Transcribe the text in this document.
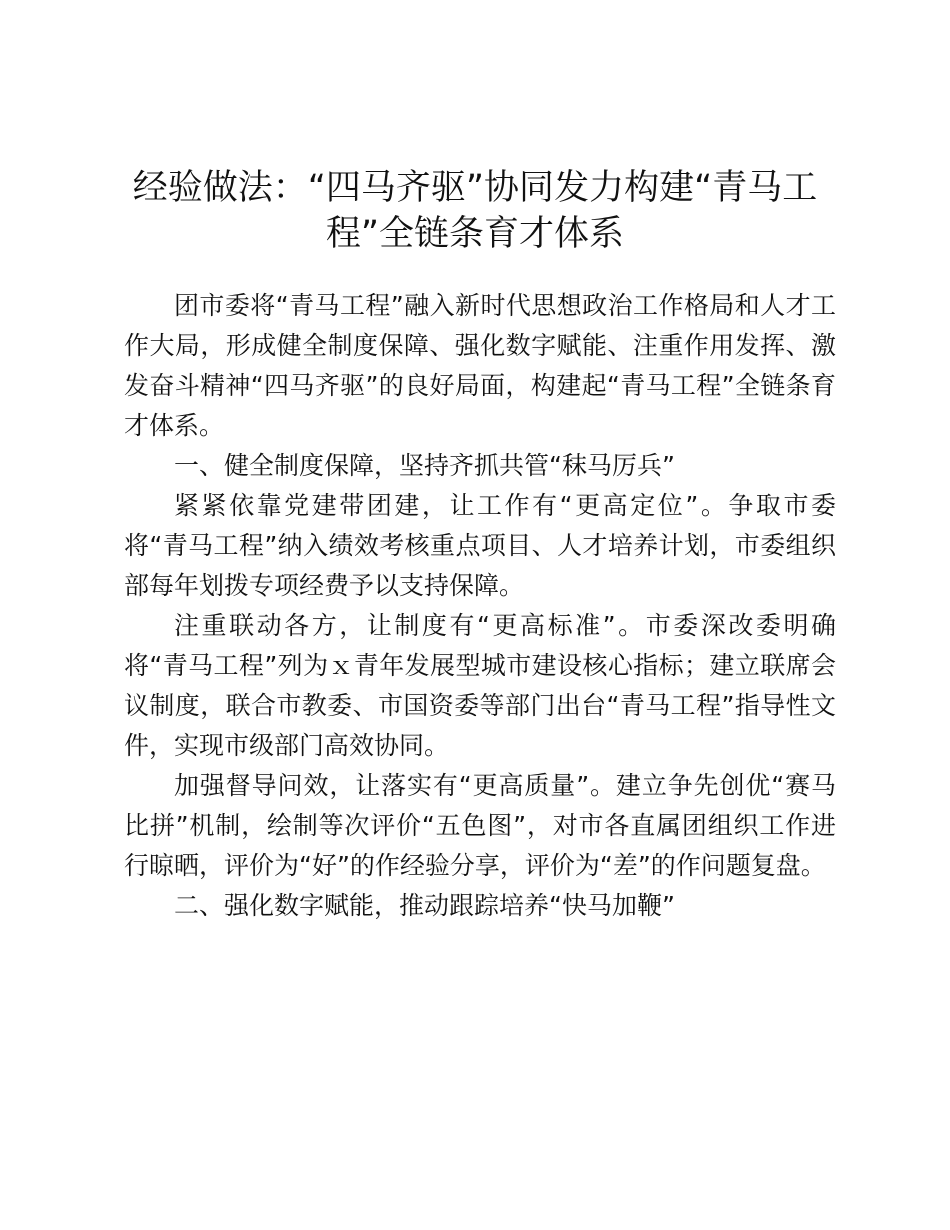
经验做法：“四马齐驱”协同发力构建“青马工程”全链条育才体系

团市委将“青马工程”融入新时代思想政治工作格局和人才工作大局，形成健全制度保障、强化数字赋能、注重作用发挥、激发奋斗精神“四马齐驱”的良好局面，构建起“青马工程”全链条育才体系。

一、健全制度保障，坚持齐抓共管“秣马厉兵”

紧紧依靠党建带团建，让工作有“更高定位”。争取市委将“青马工程”纳入绩效考核重点项目、人才培养计划，市委组织部每年划拨专项经费予以支持保障。

注重联动各方，让制度有“更高标准”。市委深改委明确将“青马工程”列为ｘ青年发展型城市建设核心指标；建立联席会议制度，联合市教委、市国资委等部门出台“青马工程”指导性文件，实现市级部门高效协同。

加强督导问效，让落实有“更高质量”。建立争先创优“赛马比拼”机制，绘制等次评价“五色图”，对市各直属团组织工作进行晾晒，评价为“好”的作经验分享，评价为“差”的作问题复盘。

二、强化数字赋能，推动跟踪培养“快马加鞭”
